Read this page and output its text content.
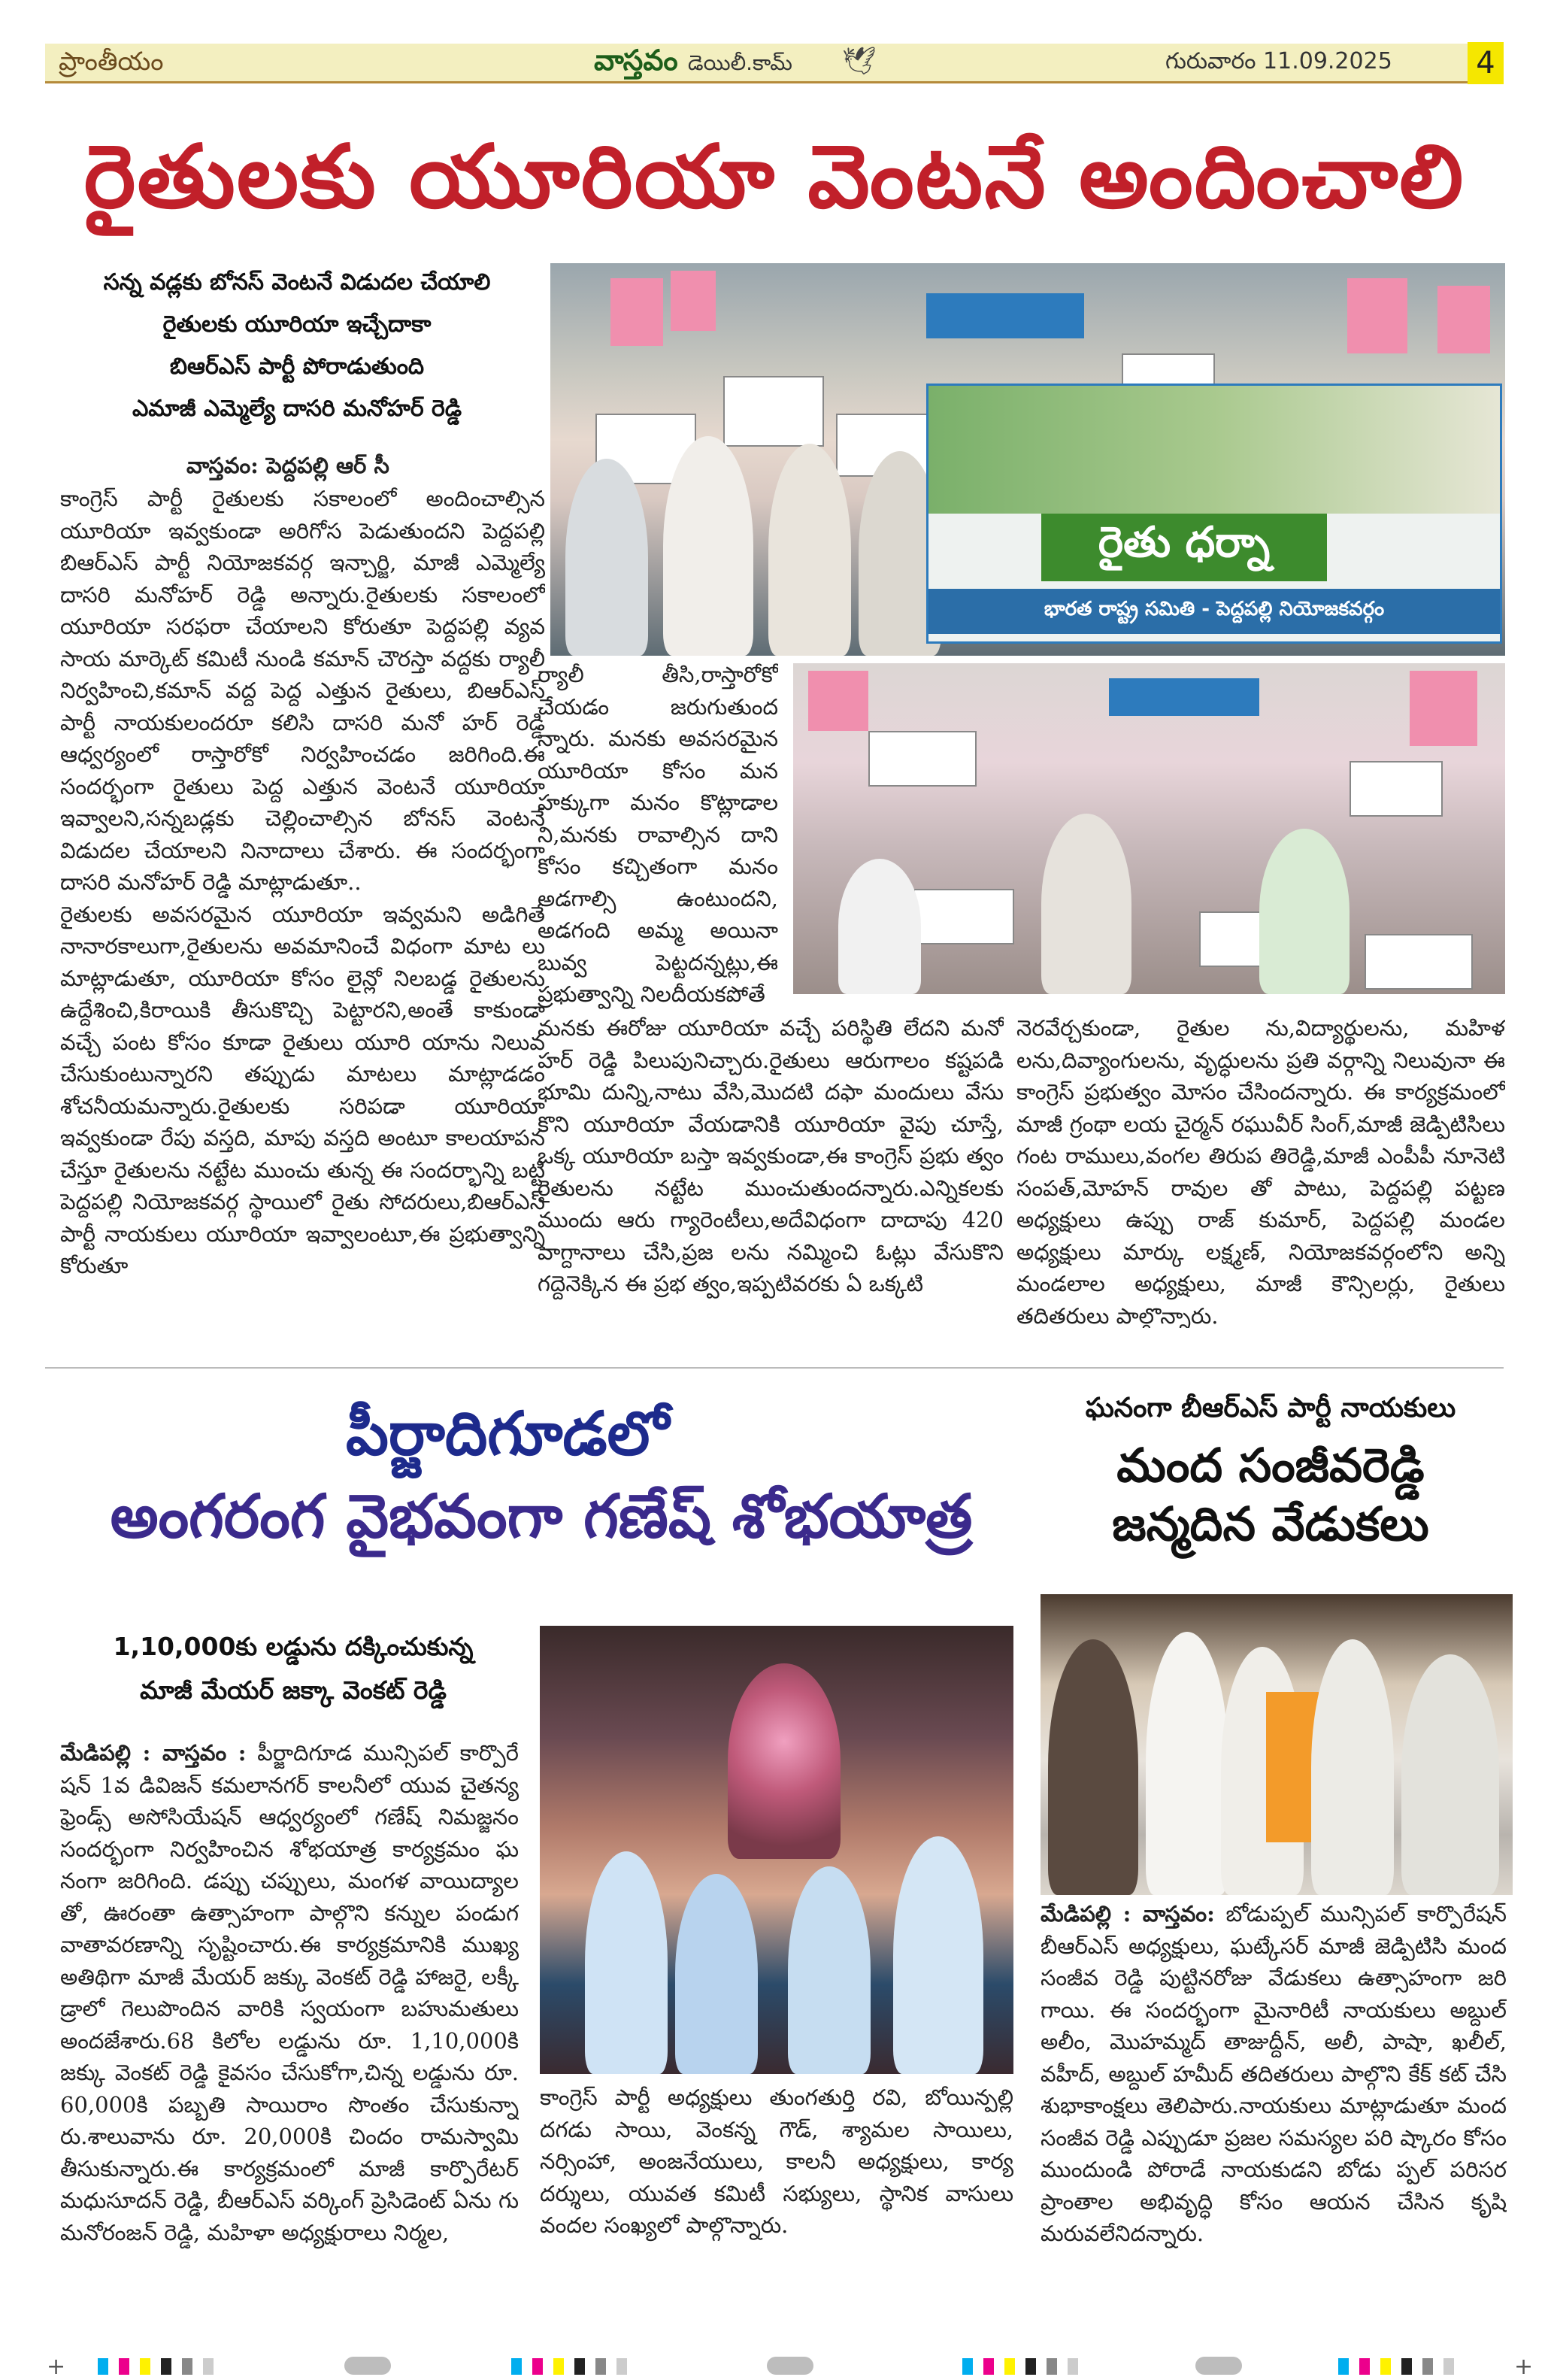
ప్రాంతీయం	వాస్తవం డెయిలీ.కామ్ 🕊	గురువారం 11.09.2025	4
రైతులకు యూరియా వెంటనే అందించాలి
సన్న వడ్లకు బోనస్ వెంటనే విడుదల చేయాలి
రైతులకు యూరియా ఇచ్చేదాకా
బిఆర్ఎస్ పార్టీ పోరాడుతుంది
ఎమాజీ ఎమ్మెల్యే దాసరి మనోహర్ రెడ్డి
వాస్తవం: పెద్దపల్లి ఆర్ సీ
కాంగ్రెస్ పార్టీ రైతులకు సకాలంలో అందించాల్సిన యూరియా ఇవ్వకుండా అరిగోస పెడుతుందని పెద్దపల్లి బిఆర్ఎస్ పార్టీ నియోజకవర్గ ఇన్చార్జి, మాజీ ఎమ్మెల్యే దాసరి మనోహర్ రెడ్డి అన్నారు.రైతులకు సకాలంలో యూరియా సరఫరా చేయాలని కోరుతూ పెద్దపల్లి వ్యవ సాయ మార్కెట్ కమిటీ నుండి కమాన్ చౌరస్తా వద్దకు ర్యాలీ నిర్వహించి,కమాన్ వద్ద పెద్ద ఎత్తున రైతులు, బిఆర్ఎస్ పార్టీ నాయకులందరూ కలిసి దాసరి మనో హర్ రెడ్డి ఆధ్వర్యంలో రాస్తారోకో నిర్వహించడం జరిగింది.ఈ సందర్భంగా రైతులు పెద్ద ఎత్తున వెంటనే యూరియా ఇవ్వాలని,సన్నబడ్లకు చెల్లించాల్సిన బోనస్ వెంటనే విడుదల చేయాలని నినాదాలు చేశారు. ఈ సందర్భంగా దాసరి మనోహర్ రెడ్డి మాట్లాడుతూ..
రైతులకు అవసరమైన యూరియా ఇవ్వమని అడిగితే నానారకాలుగా,రైతులను అవమానించే విధంగా మాట లు మాట్లాడుతూ, యూరియా కోసం లైన్లో నిలబడ్డ రైతులను ఉద్దేశించి,కిరాయికి తీసుకొచ్చి పెట్టారని,అంతే కాకుండా వచ్చే పంట కోసం కూడా రైతులు యూరి యాను నిలువ చేసుకుంటున్నారని తప్పుడు మాటలు మాట్లాడడం శోచనీయమన్నారు.రైతులకు సరిపడా యూరియా ఇవ్వకుండా రేపు వస్తది, మాపు వస్తది అంటూ కాలయాపన చేస్తూ రైతులను నట్టేట ముంచు తున్న ఈ సందర్భాన్ని బట్టి పెద్దపల్లి నియోజకవర్గ స్థాయిలో రైతు సోదరులు,బిఆర్ఎస్ పార్టీ నాయకులు యూరియా ఇవ్వాలంటూ,ఈ ప్రభుత్వాన్ని కోరుతూ
రైతు ధర్నా
భారత రాష్ట్ర సమితి - పెద్దపల్లి నియోజకవర్గం
ర్యాలీ తీసి,రాస్తారోకో చేయడం జరుగుతుంద న్నారు. మనకు అవసరమైన యూరియా కోసం మన హక్కుగా మనం కొట్లాడాల ని,మనకు రావాల్సిన దాని కోసం కచ్చితంగా మనం అడగాల్సి ఉంటుందని, అడగంది అమ్మ అయినా బువ్వ పెట్టదన్నట్లు,ఈ ప్రభుత్వాన్ని నిలదీయకపోతే
మనకు ఈరోజు యూరియా వచ్చే పరిస్థితి లేదని మనో హర్ రెడ్డి పిలుపునిచ్చారు.రైతులు ఆరుగాలం కష్టపడి భూమి దున్ని,నాటు వేసి,మొదటి దఫా మందులు వేసు కొని యూరియా వేయడానికి యూరియా వైపు చూస్తే, ఒక్క యూరియా బస్తా ఇవ్వకుండా,ఈ కాంగ్రెస్ ప్రభు త్వం రైతులను నట్టేట ముంచుతుందన్నారు.ఎన్నికలకు ముందు ఆరు గ్యారెంటీలు,అదేవిధంగా దాదాపు 420 వాగ్దానాలు చేసి,ప్రజ లను నమ్మించి ఓట్లు వేసుకొని గద్దెనెక్కిన ఈ ప్రభ త్వం,ఇప్పటివరకు ఏ ఒక్కటి
నెరవేర్చకుండా, రైతుల ను,విద్యార్థులను, మహిళ లను,దివ్యాంగులను, వృద్ధులను ప్రతి వర్గాన్ని నిలువునా ఈ కాంగ్రెస్ ప్రభుత్వం మోసం చేసిందన్నారు. ఈ కార్యక్రమంలో మాజీ గ్రంథా లయ చైర్మన్ రఘువీర్ సింగ్,మాజీ జెడ్పిటిసిలు గంట రాములు,వంగల తిరుప తిరెడ్డి,మాజీ ఎంపీపీ నూనెటి సంపత్,మోహన్ రావుల తో పాటు, పెద్దపల్లి పట్టణ అధ్యక్షులు ఉప్పు రాజ్ కుమార్, పెద్దపల్లి మండల అధ్యక్షులు మార్కు లక్ష్మణ్, నియోజకవర్గంలోని అన్ని మండలాల అధ్యక్షులు, మాజీ కౌన్సిలర్లు, రైతులు తదితరులు పాల్గొన్నారు.
పీర్జాదిగూడలో
అంగరంగ వైభవంగా గణేష్ శోభయాత్ర
1,10,000కు లడ్డును దక్కించుకున్న
మాజీ మేయర్ జక్కా వెంకట్ రెడ్డి
మేడిపల్లి : వాస్తవం : పీర్జాదిగూడ మున్సిపల్ కార్పొరే షన్ 1వ డివిజన్ కమలానగర్ కాలనీలో యువ చైతన్య ఫ్రెండ్స్ అసోసియేషన్ ఆధ్వర్యంలో గణేష్ నిమజ్జనం సందర్భంగా నిర్వహించిన శోభయాత్ర కార్యక్రమం ఘ నంగా జరిగింది. డప్పు చప్పులు, మంగళ వాయిద్యాల తో, ఊరంతా ఉత్సాహంగా పాల్గొని కన్నుల పండుగ వాతావరణాన్ని సృష్టించారు.ఈ కార్యక్రమానికి ముఖ్య అతిథిగా మాజీ మేయర్ జక్కు వెంకట్ రెడ్డి హాజరై, లక్కీ డ్రాలో గెలుపొందిన వారికి స్వయంగా బహుమతులు అందజేశారు.68 కిలోల లడ్డును రూ. 1,10,000కి జక్కు వెంకట్ రెడ్డి కైవసం చేసుకోగా,చిన్న లడ్డును రూ. 60,000కి పబ్బతి సాయిరాం సొంతం చేసుకున్నా రు.శాలువాను రూ. 20,000కి చిందం రామస్వామి తీసుకున్నారు.ఈ కార్యక్రమంలో మాజీ కార్పొరేటర్ మధుసూదన్ రెడ్డి, బీఆర్ఎస్ వర్కింగ్ ప్రెసిడెంట్ ఏను గు మనోరంజన్ రెడ్డి, మహిళా అధ్యక్షురాలు నిర్మల,
కాంగ్రెస్ పార్టీ అధ్యక్షులు తుంగతుర్తి రవి, బోయిన్పల్లి దగడు సాయి, వెంకన్న గౌడ్, శ్యామల సాయిలు, నర్సింహా, అంజనేయులు, కాలనీ అధ్యక్షులు, కార్య దర్శులు, యువత కమిటీ సభ్యులు, స్థానిక వాసులు వందల సంఖ్యలో పాల్గొన్నారు.
ఘనంగా బీఆర్ఎస్ పార్టీ నాయకులు
మంద సంజీవరెడ్డి
జన్మదిన వేడుకలు
మేడిపల్లి : వాస్తవం: బోడుప్పల్ మున్సిపల్ కార్పొరేషన్ బీఆర్ఎస్ అధ్యక్షులు, ఘట్కేసర్ మాజీ జెడ్పిటిసి మంద సంజీవ రెడ్డి పుట్టినరోజు వేడుకలు ఉత్సాహంగా జరి గాయి. ఈ సందర్భంగా మైనారిటీ నాయకులు అబ్దుల్ అలీం, మొహమ్మద్ తాజుద్దీన్, అలీ, పాషా, ఖలీల్, వహీద్, అబ్దుల్ హమీద్ తదితరులు పాల్గొని కేక్ కట్ చేసి శుభాకాంక్షలు తెలిపారు.నాయకులు మాట్లాడుతూ మంద సంజీవ రెడ్డి ఎప్పుడూ ప్రజల సమస్యల పరి ష్కారం కోసం ముందుండి పోరాడే నాయకుడని బోడు ప్పల్ పరిసర ప్రాంతాల అభివృద్ధి కోసం ఆయన చేసిన కృషి మరువలేనిదన్నారు.
+	+
